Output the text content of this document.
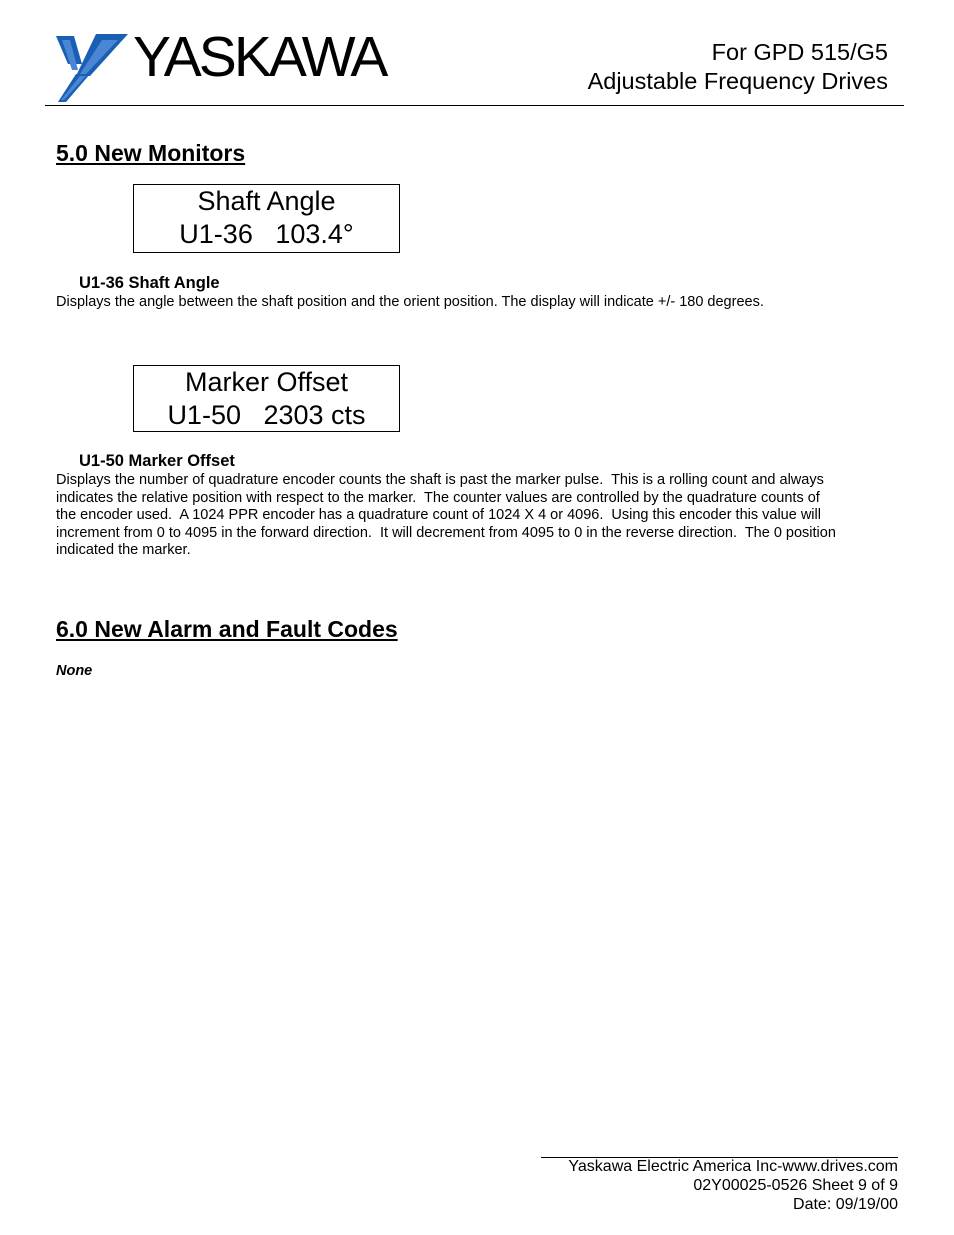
YASKAWA	For GPD 515/G5
Adjustable Frequency Drives
5.0 New Monitors
Shaft Angle
U1-36   103.4°
U1-36 Shaft Angle
Displays the angle between the shaft position and the orient position. The display will indicate +/- 180 degrees.
Marker Offset
U1-50   2303 cts
U1-50 Marker Offset
Displays the number of quadrature encoder counts the shaft is past the marker pulse.  This is a rolling count and always
indicates the relative position with respect to the marker.  The counter values are controlled by the quadrature counts of
the encoder used.  A 1024 PPR encoder has a quadrature count of 1024 X 4 or 4096.  Using this encoder this value will
increment from 0 to 4095 in the forward direction.  It will decrement from 4095 to 0 in the reverse direction.  The 0 position
indicated the marker.
6.0 New Alarm and Fault Codes
None
Yaskawa Electric America Inc-www.drives.com
02Y00025-0526 Sheet 9 of 9
Date: 09/19/00
